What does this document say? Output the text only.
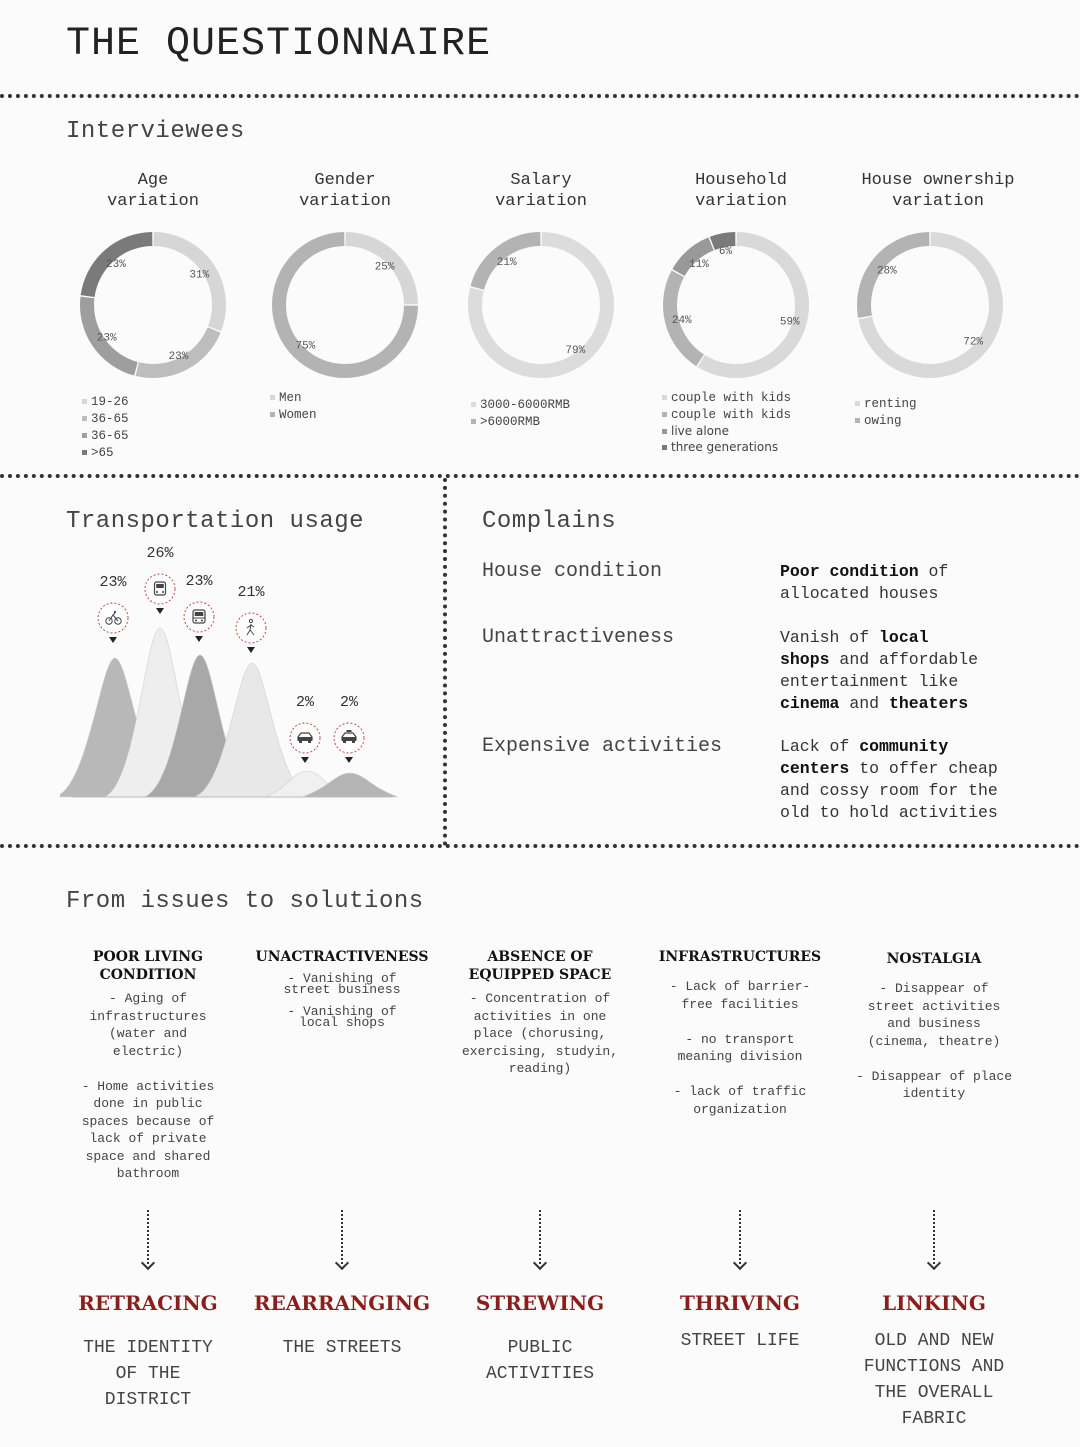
THE QUESTIONNAIRE
Interviewees
Age
variation
31%
23%
23%
23%
19-26
36-65
36-65
>65
Gender
variation
25%
75%
Men
Women
Salary
variation
79%
21%
3000-6000RMB
>6000RMB
Household
variation
59%
24%
11%
6%
couple with kids
couple with kids
live alone
three generations
House ownership
variation
72%
28%
renting
owing
Transportation usage
23%
26%
23%
21%
2%	2%
Complains
House condition	Poor condition of
allocated houses
Unattractiveness	Vanish of local
shops and affordable
entertainment like
cinema and theaters
Expensive activities	Lack of community
centers to offer cheap
and cossy room for the
old to hold activities
From issues to solutions
POOR LIVING
CONDITION
- Aging of
infrastructures
(water and
electric)

- Home activities
done in public
spaces because of
lack of private
space and shared
bathroom
RETRACING
THE IDENTITY
OF THE
DISTRICT
UNACTRACTIVENESS
- Vanishing of
street business

- Vanishing of
local shops
REARRANGING
THE STREETS
ABSENCE OF
EQUIPPED SPACE
- Concentration of
activities in one
place (chorusing,
exercising, studyin,
reading)
STREWING
PUBLIC
ACTIVITIES
INFRASTRUCTURES
- Lack of barrier-
free facilities

- no transport
meaning division

- lack of traffic
organization
THRIVING
STREET LIFE
NOSTALGIA
- Disappear of
street activities
and business
(cinema, theatre)

- Disappear of place
identity
LINKING
OLD AND NEW
FUNCTIONS AND
THE OVERALL
FABRIC
